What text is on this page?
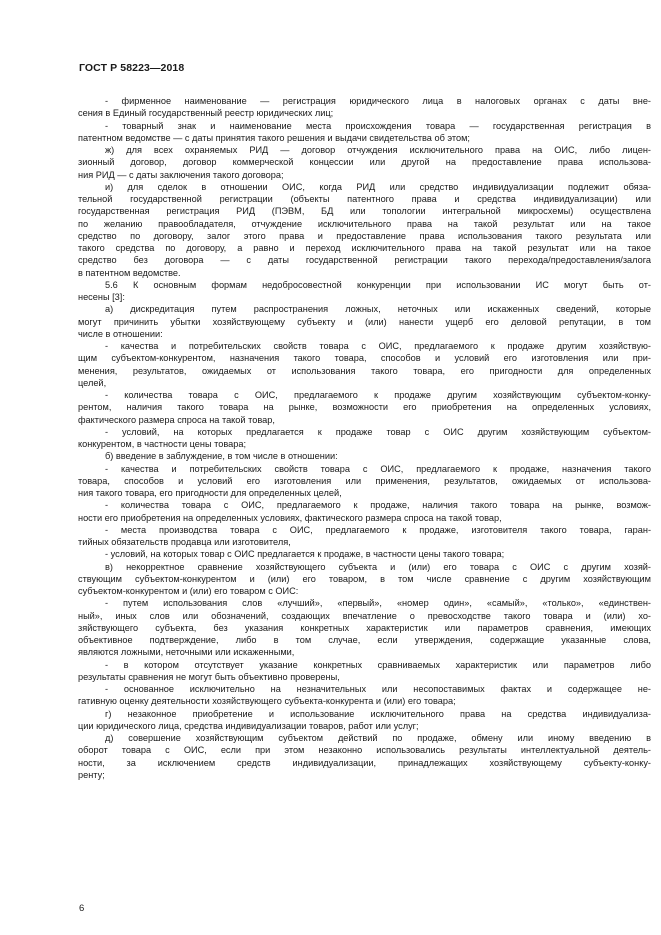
ГОСТ Р 58223—2018
- фирменное наименование — регистрация юридического лица в налоговых органах с даты вне-
сения в Единый государственный реестр юридических лиц;
- товарный знак и наименование места происхождения товара — государственная регистрация в
патентном ведомстве — с даты принятия такого решения и выдачи свидетельства об этом;
ж) для всех охраняемых РИД — договор отчуждения исключительного права на ОИС, либо лицен-
зионный договор, договор коммерческой концессии или другой на предоставление права использова-
ния РИД — с даты заключения такого договора;
и) для сделок в отношении ОИС, когда РИД или средство индивидуализации подлежит обяза-
тельной государственной регистрации (объекты патентного права и средства индивидуализации) или
государственная регистрация РИД (ПЭВМ, БД или топологии интегральной микросхемы) осуществлена
по желанию правообладателя, отчуждение исключительного права на такой результат или на такое
средство по договору, залог этого права и предоставление права использования такого результата или
такого средства по договору, а равно и переход исключительного права на такой результат или на такое
средство без договора — с даты государственной регистрации такого перехода/предоставления/залога
в патентном ведомстве.
5.6 К основным формам недобросовестной конкуренции при использовании ИС могут быть от-
несены [3]:
а) дискредитация путем распространения ложных, неточных или искаженных сведений, которые
могут причинить убытки хозяйствующему субъекту и (или) нанести ущерб его деловой репутации, в том
числе в отношении:
- качества и потребительских свойств товара с ОИС, предлагаемого к продаже другим хозяйствую-
щим субъектом-конкурентом, назначения такого товара, способов и условий его изготовления или при-
менения, результатов, ожидаемых от использования такого товара, его пригодности для определенных
целей,
- количества товара с ОИС, предлагаемого к продаже другим хозяйствующим субъектом-конку-
рентом, наличия такого товара на рынке, возможности его приобретения на определенных условиях,
фактического размера спроса на такой товар,
- условий, на которых предлагается к продаже товар с ОИС другим хозяйствующим субъектом-
конкурентом, в частности цены товара;
б) введение в заблуждение, в том числе в отношении:
- качества и потребительских свойств товара с ОИС, предлагаемого к продаже, назначения такого
товара, способов и условий его изготовления или применения, результатов, ожидаемых от использова-
ния такого товара, его пригодности для определенных целей,
- количества товара с ОИС, предлагаемого к продаже, наличия такого товара на рынке, возмож-
ности его приобретения на определенных условиях, фактического размера спроса на такой товар,
- места производства товара с ОИС, предлагаемого к продаже, изготовителя такого товара, гаран-
тийных обязательств продавца или изготовителя,
- условий, на которых товар с ОИС предлагается к продаже, в частности цены такого товара;
в) некорректное сравнение хозяйствующего субъекта и (или) его товара с ОИС с другим хозяй-
ствующим субъектом-конкурентом и (или) его товаром, в том числе сравнение с другим хозяйствующим
субъектом-конкурентом и (или) его товаром с ОИС:
- путем использования слов «лучший», «первый», «номер один», «самый», «только», «единствен-
ный», иных слов или обозначений, создающих впечатление о превосходстве такого товара и (или) хо-
зяйствующего субъекта, без указания конкретных характеристик или параметров сравнения, имеющих
объективное подтверждение, либо в том случае, если утверждения, содержащие указанные слова,
являются ложными, неточными или искаженными,
- в котором отсутствует указание конкретных сравниваемых характеристик или параметров либо
результаты сравнения не могут быть объективно проверены,
- основанное исключительно на незначительных или несопоставимых фактах и содержащее не-
гативную оценку деятельности хозяйствующего субъекта-конкурента и (или) его товара;
г) незаконное приобретение и использование исключительного права на средства индивидуализа-
ции юридического лица, средства индивидуализации товаров, работ или услуг;
д) совершение хозяйствующим субъектом действий по продаже, обмену или иному введению в
оборот товара с ОИС, если при этом незаконно использовались результаты интеллектуальной деятель-
ности, за исключением средств индивидуализации, принадлежащих хозяйствующему субъекту-конку-
ренту;
6
